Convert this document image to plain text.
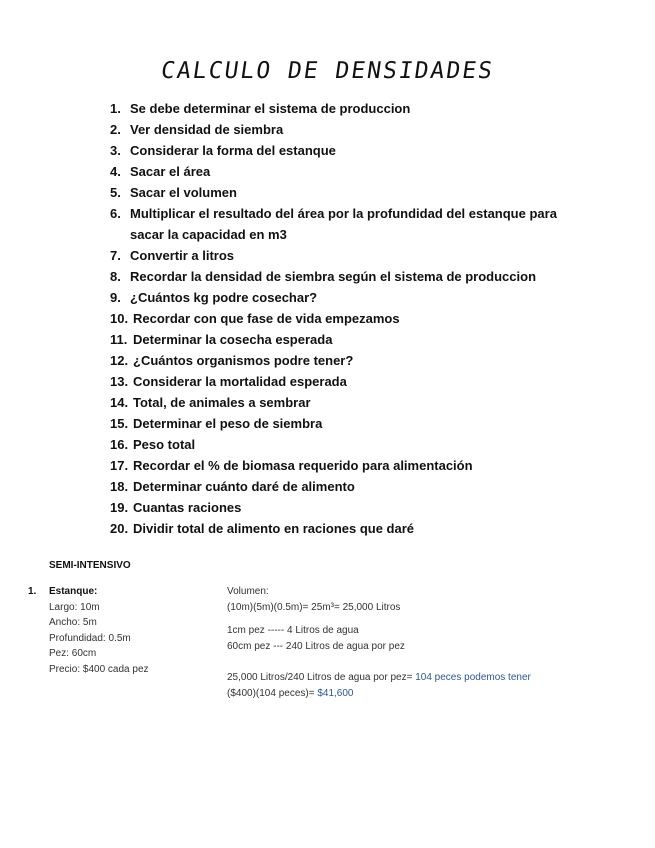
CALCULO DE DENSIDADES
1. Se debe determinar el sistema de produccion
2. Ver densidad de siembra
3. Considerar la forma del estanque
4. Sacar el área
5. Sacar el volumen
6. Multiplicar el resultado del área por la profundidad del estanque para sacar la capacidad en m3
7. Convertir a litros
8. Recordar la densidad de siembra según el sistema de produccion
9. ¿Cuántos kg podre cosechar?
10. Recordar con que fase de vida empezamos
11. Determinar la cosecha esperada
12. ¿Cuántos organismos podre tener?
13. Considerar la mortalidad esperada
14. Total, de animales a sembrar
15. Determinar el peso de siembra
16. Peso total
17. Recordar el % de biomasa requerido para alimentación
18. Determinar cuánto daré de alimento
19. Cuantas raciones
20. Dividir total de alimento en raciones que daré

SEMI-INTENSIVO

1.	Estanque:
Largo: 10m
Ancho: 5m
Profundidad: 0.5m
Pez: 60cm
Precio: $400 cada pez
Volumen:
(10m)(5m)(0.5m)= 25m³= 25,000 Litros
1cm pez ----- 4 Litros de agua
60cm pez --- 240 Litros de agua por pez
25,000 Litros/240 Litros de agua por pez= 104 peces podemos tener
($400)(104 peces)= $41,600
